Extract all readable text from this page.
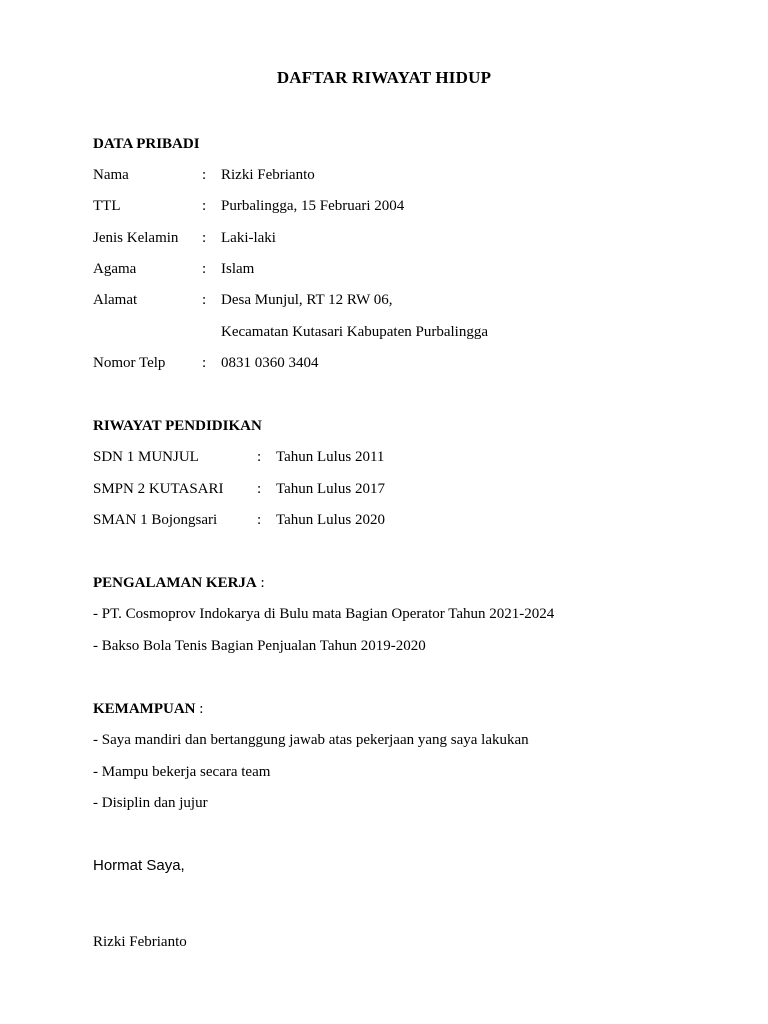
DAFTAR RIWAYAT HIDUP
DATA PRIBADI
Nama	: Rizki Febrianto
TTL	: Purbalingga, 15 Februari 2004
Jenis Kelamin : Laki-laki
Agama	: Islam
Alamat	: Desa Munjul, RT 12 RW 06,
Kecamatan Kutasari Kabupaten Purbalingga
Nomor Telp : 0831 0360 3404
RIWAYAT PENDIDIKAN
SDN 1 MUNJUL	: Tahun Lulus 2011
SMPN 2 KUTASARI : Tahun Lulus 2017
SMAN 1 Bojongsari	: Tahun Lulus 2020
PENGALAMAN KERJA :
- PT. Cosmoprov Indokarya di Bulu mata Bagian Operator Tahun 2021-2024
- Bakso Bola Tenis Bagian Penjualan Tahun 2019-2020
KEMAMPUAN :
- Saya mandiri dan bertanggung jawab atas pekerjaan yang saya lakukan
- Mampu bekerja secara team
- Disiplin dan jujur
Hormat Saya,
Rizki Febrianto
